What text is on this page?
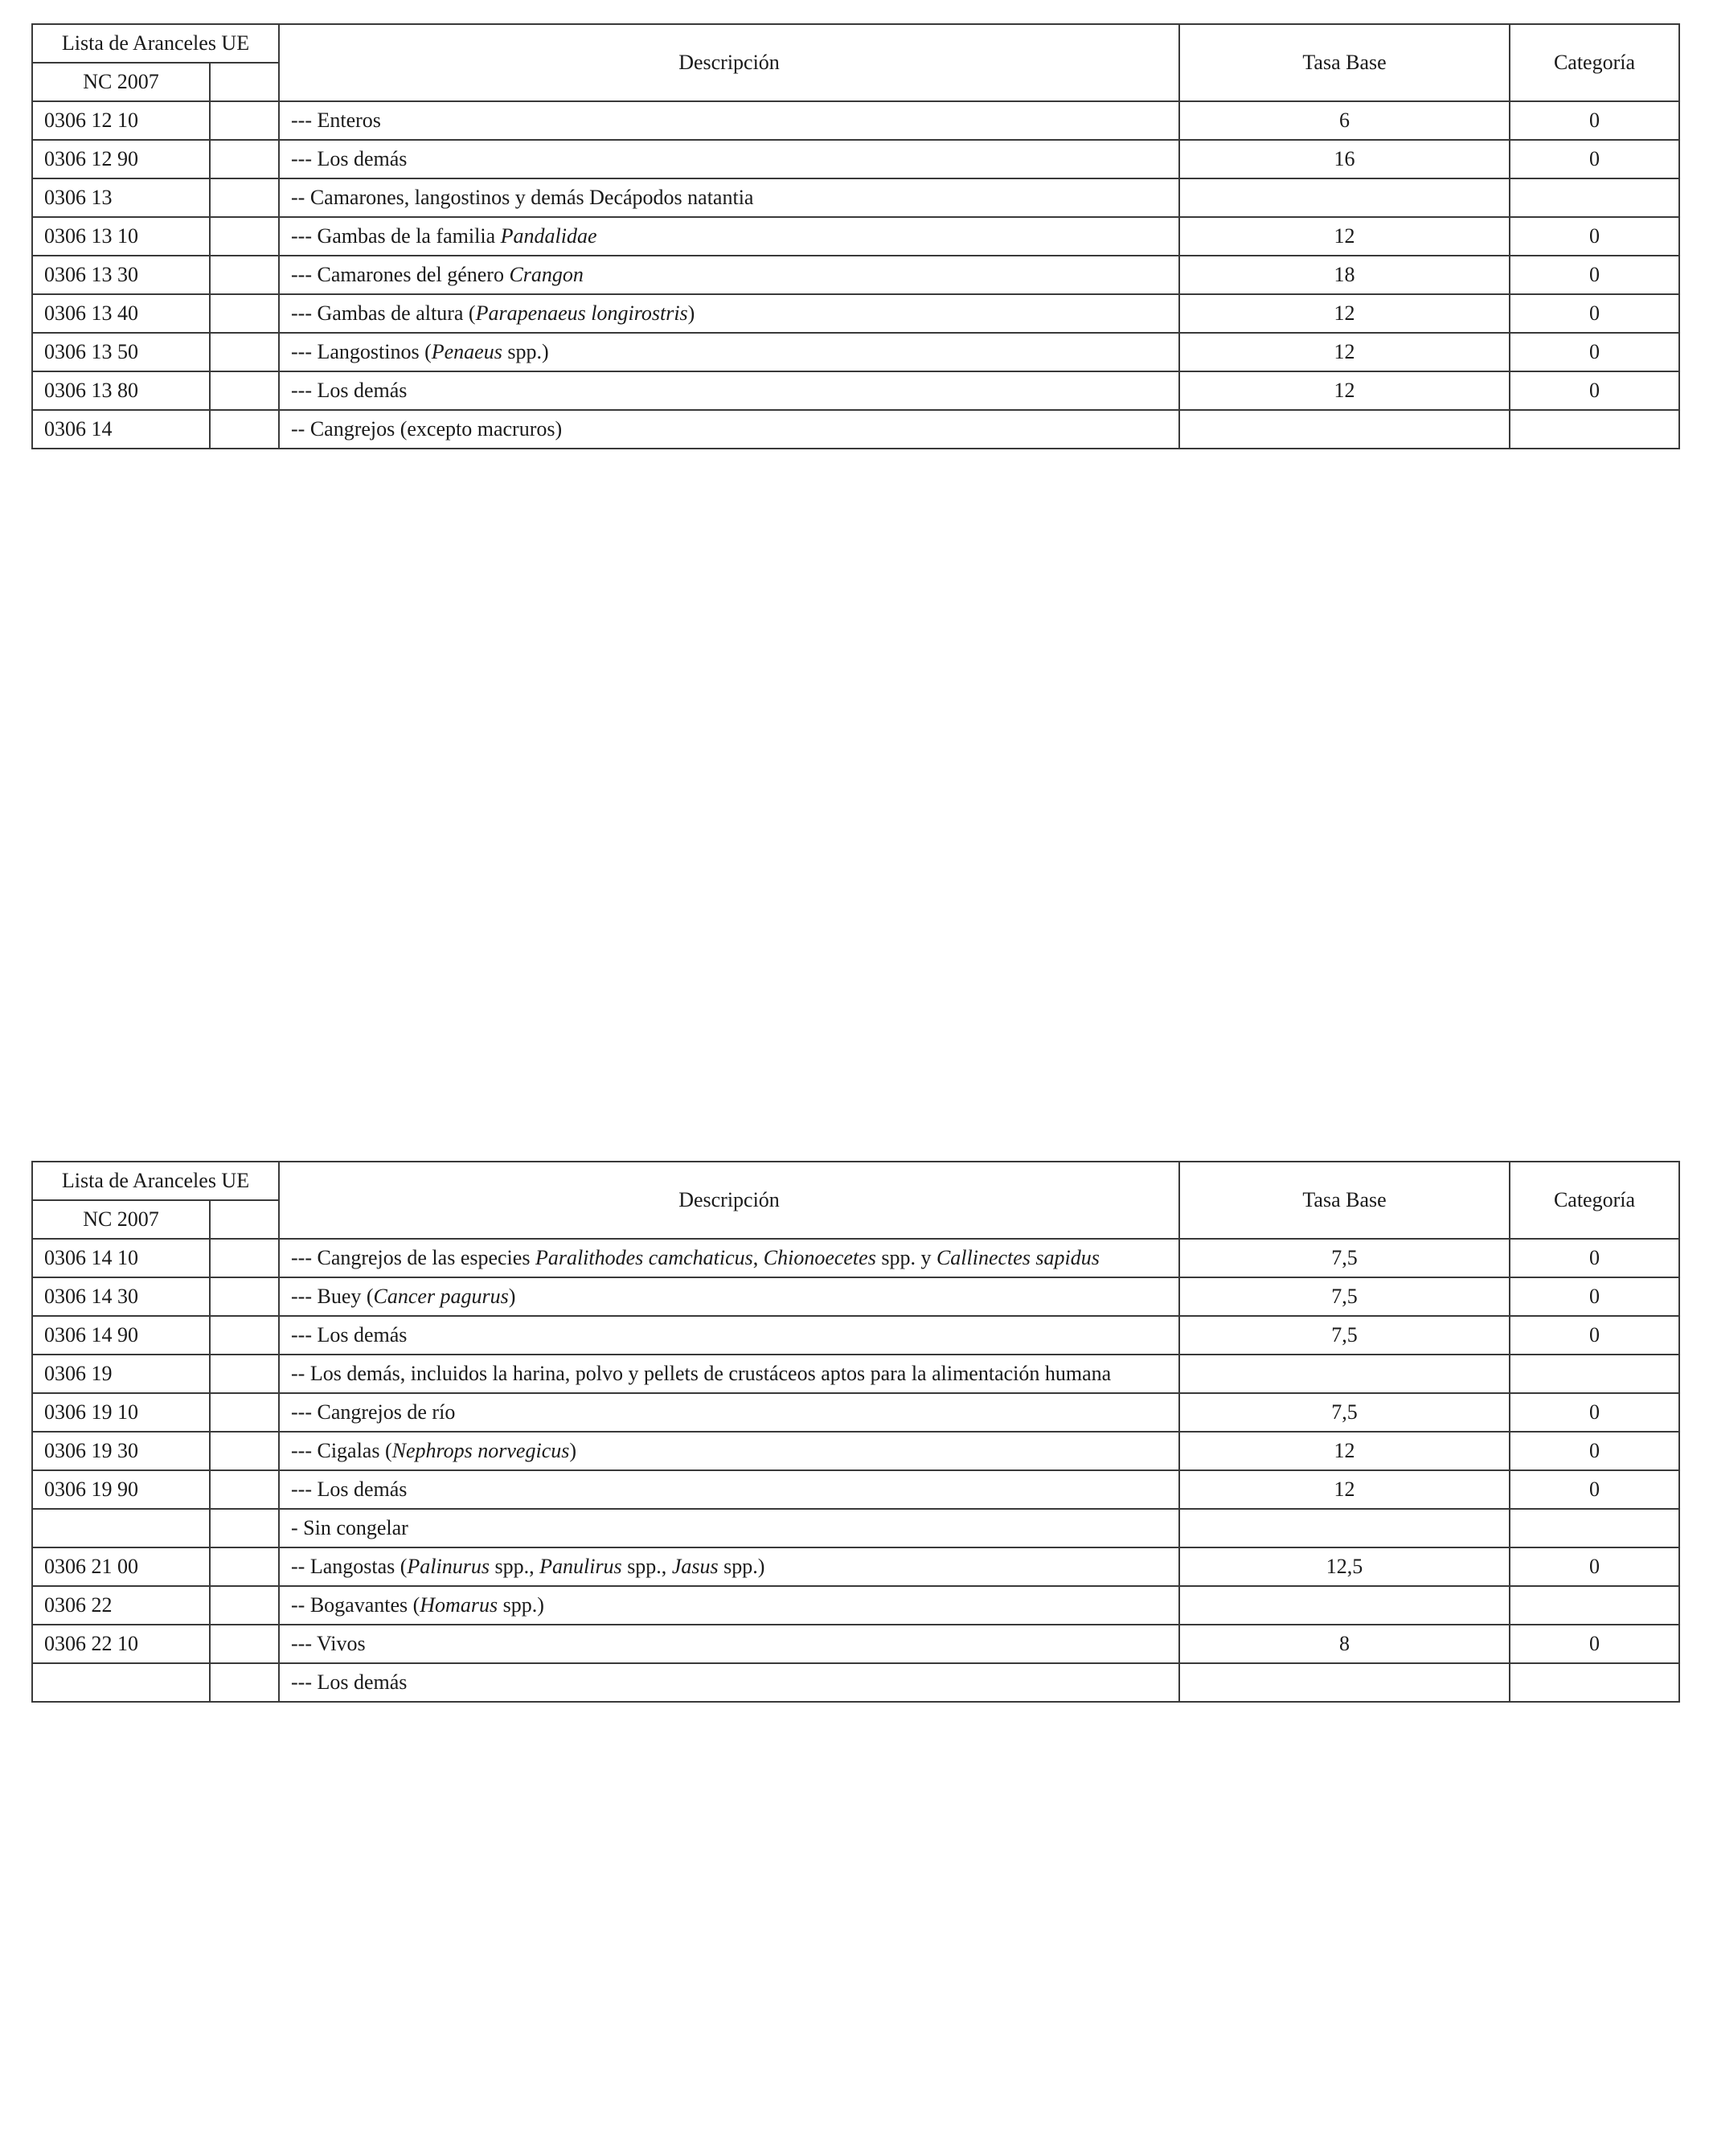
Lista de Aranceles UE		Descripción	Tasa Base	Categoría
NC 2007				
0306 12 10		--- Enteros	6	0
0306 12 90		--- Los demás	16	0
0306 13		-- Camarones, langostinos y demás Decápodos natantia		
0306 13 10		--- Gambas de la familia Pandalidae	12	0
0306 13 30		--- Camarones del género Crangon	18	0
0306 13 40		--- Gambas de altura (Parapenaeus longirostris)	12	0
0306 13 50		--- Langostinos (Penaeus spp.)	12	0
0306 13 80		--- Los demás	12	0
0306 14		-- Cangrejos (excepto macruros)		
Lista de Aranceles UE		Descripción	Tasa Base	Categoría
NC 2007				
0306 14 10		--- Cangrejos de las especies Paralithodes camchaticus, Chionoecetes spp. y Callinectes sapidus	7,5	0
0306 14 30		--- Buey (Cancer pagurus)	7,5	0
0306 14 90		--- Los demás	7,5	0
0306 19		-- Los demás, incluidos la harina, polvo y pellets de crustáceos aptos para la alimentación humana		
0306 19 10		--- Cangrejos de río	7,5	0
0306 19 30		--- Cigalas (Nephrops norvegicus)	12	0
0306 19 90		--- Los demás	12	0
		- Sin congelar		
0306 21 00		-- Langostas (Palinurus spp., Panulirus spp., Jasus spp.)	12,5	0
0306 22		-- Bogavantes (Homarus spp.)		
0306 22 10		--- Vivos	8	0
		--- Los demás		
